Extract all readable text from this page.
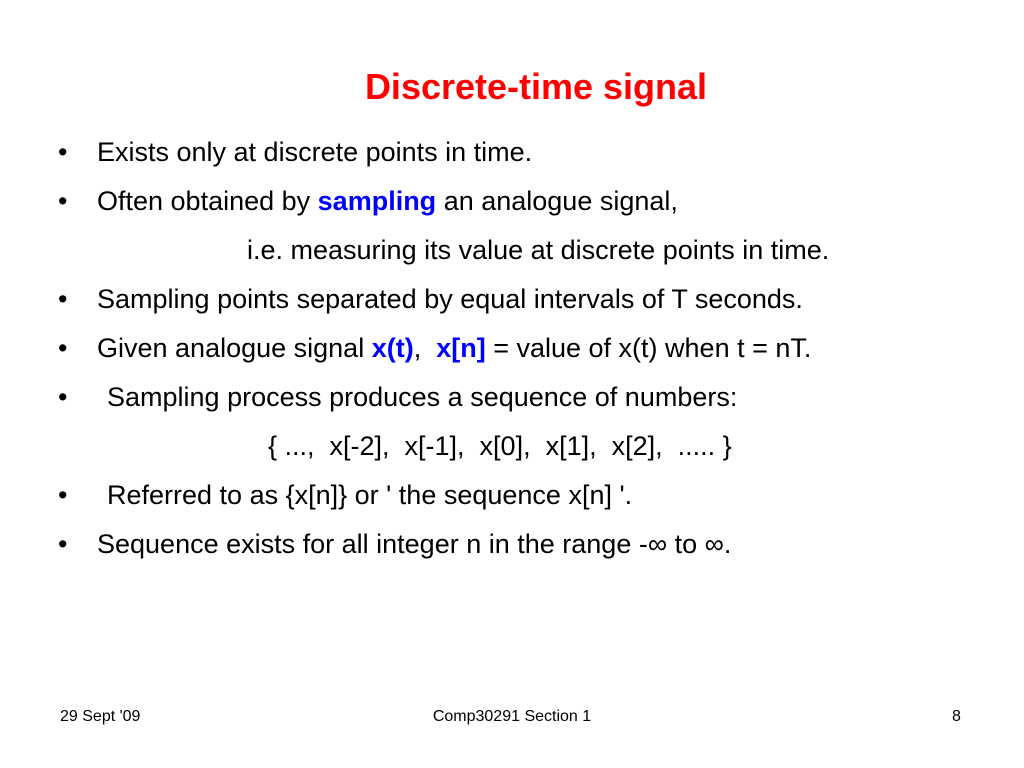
Discrete-time signal
• Exists only at discrete points in time.
• Often obtained by sampling an analogue signal,
i.e. measuring its value at discrete points in time.
• Sampling points separated by equal intervals of T seconds.
• Given analogue signal x(t),  x[n] = value of x(t) when t = nT.
• Sampling process produces a sequence of numbers:
{ ...,  x[-2],  x[-1],  x[0],  x[1],  x[2],  ..... }
• Referred to as {x[n]} or ' the sequence x[n] '.
• Sequence exists for all integer n in the range -∞ to ∞.
29 Sept '09	Comp30291 Section 1	8
